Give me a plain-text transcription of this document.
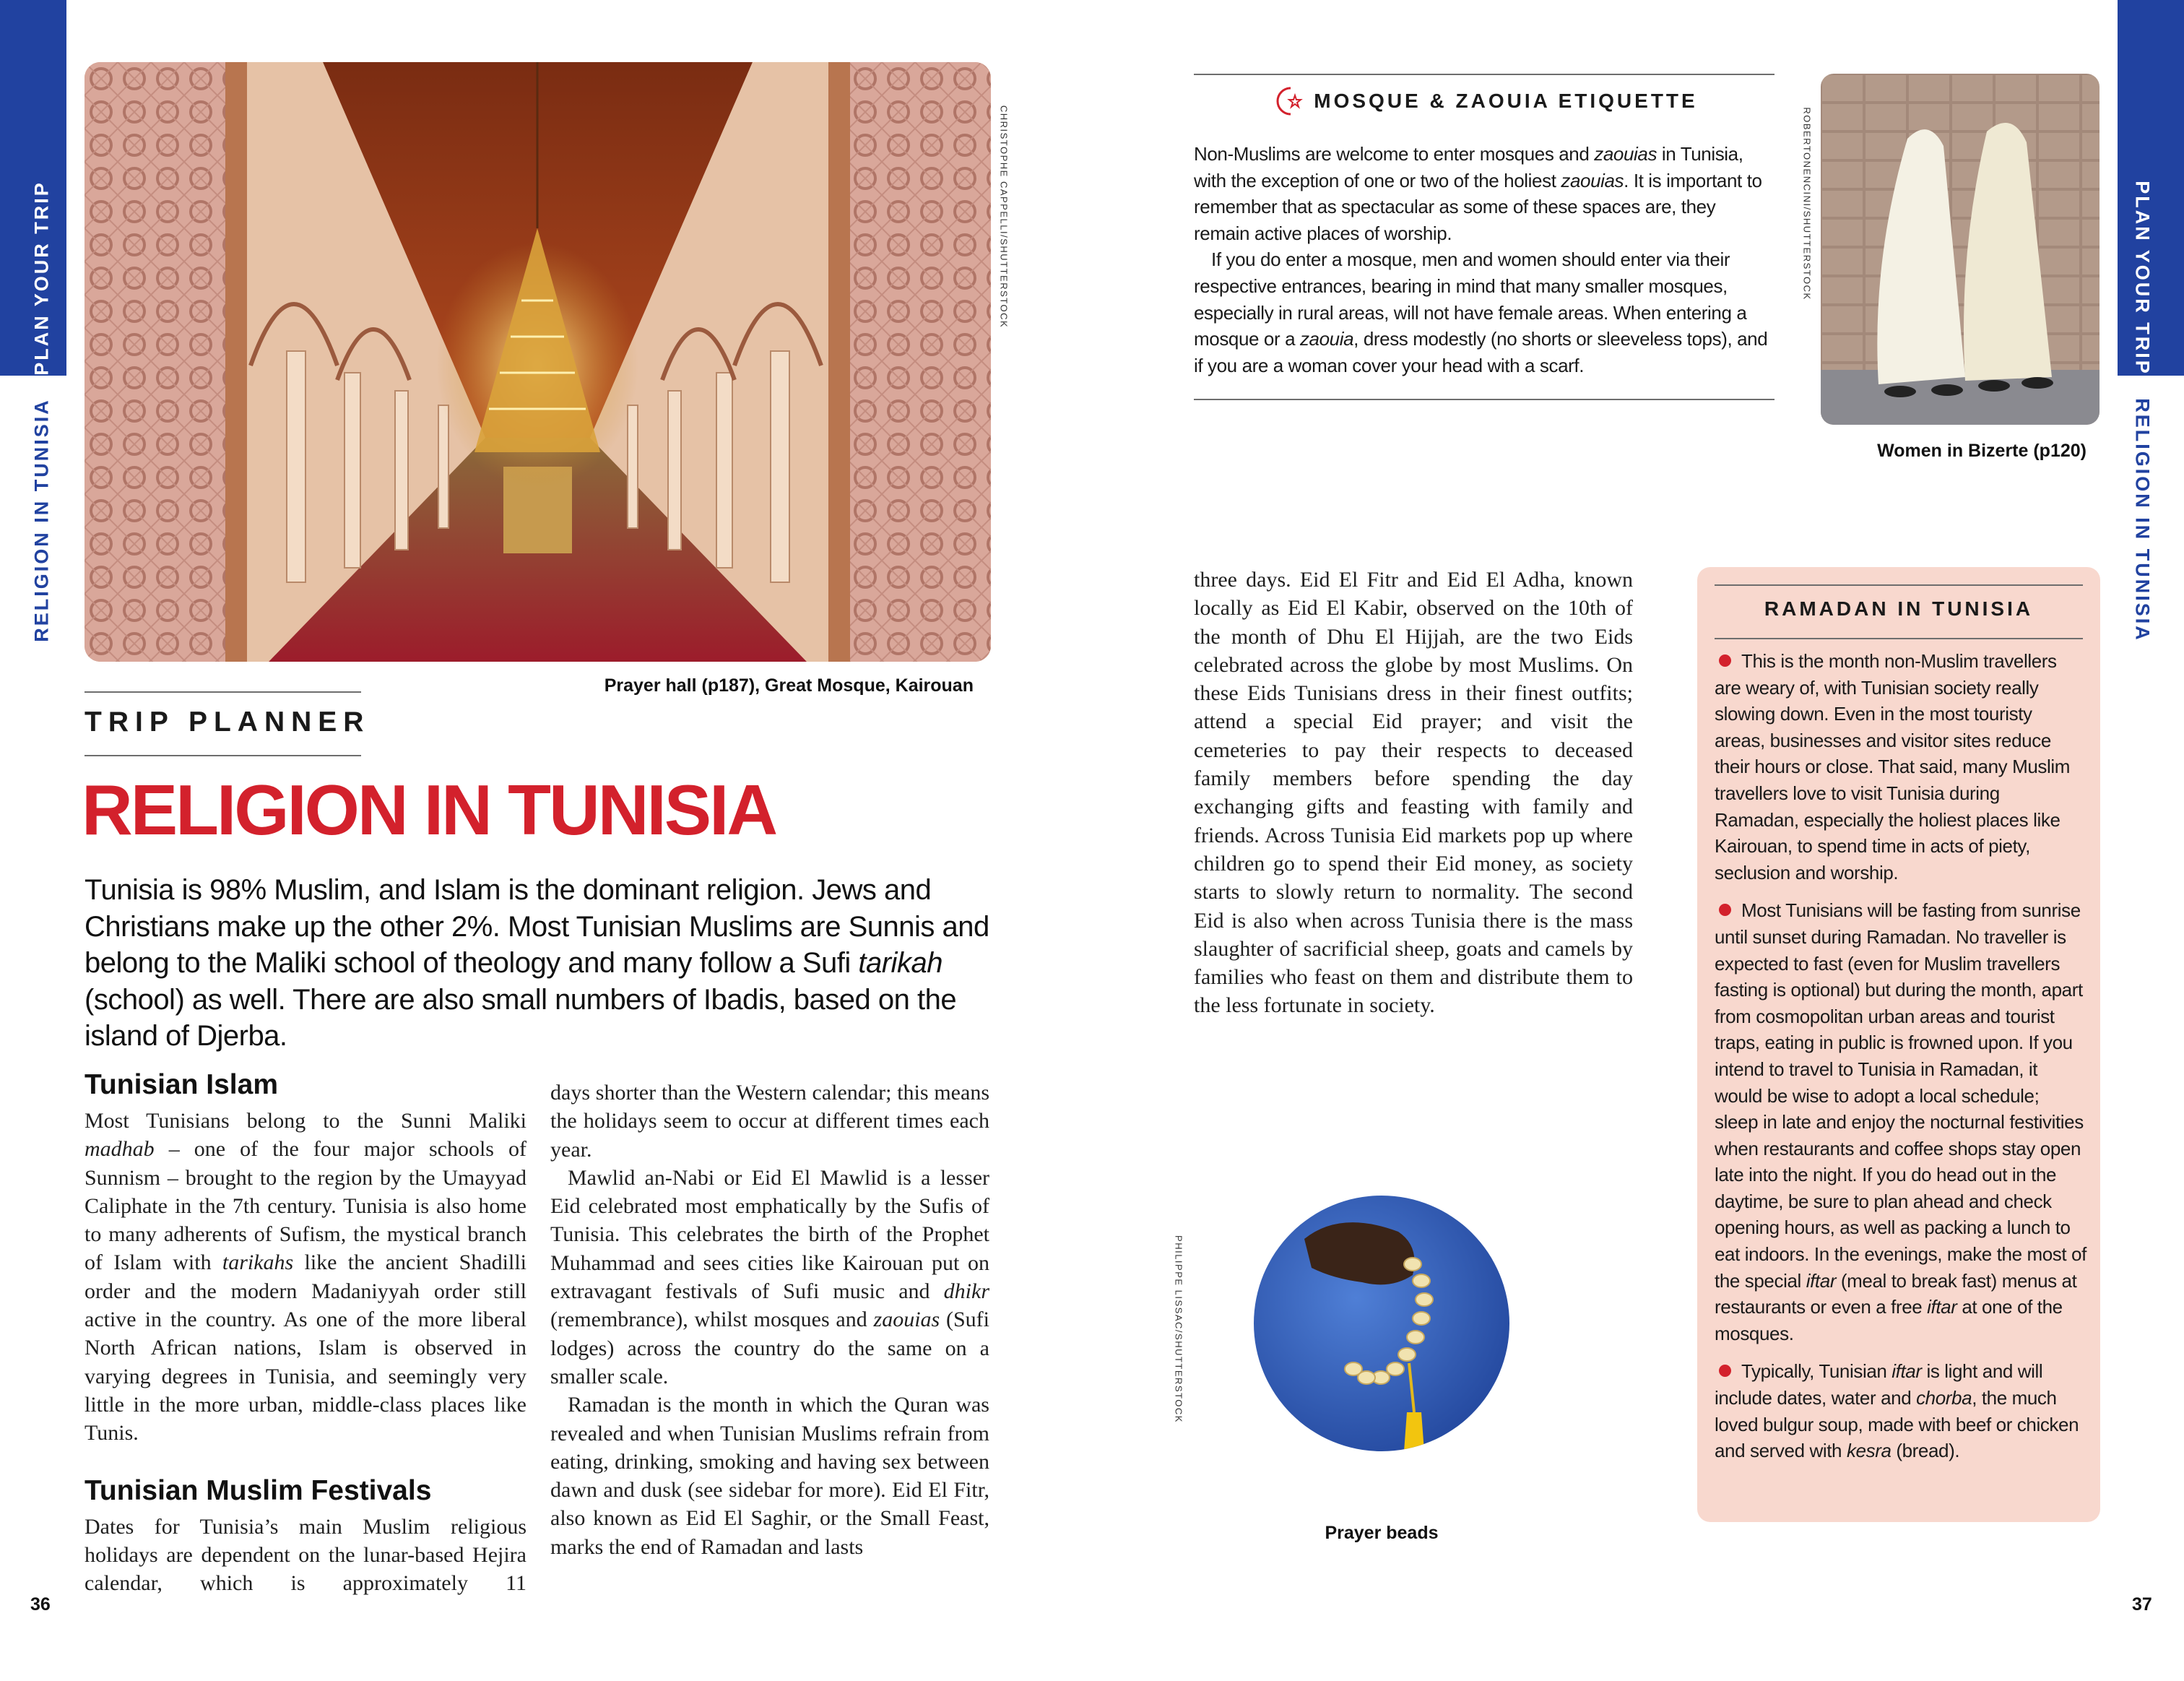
PLAN YOUR TRIP
RELIGION IN TUNISIA
CHRISTOPHE CAPPELLI/SHUTTERSTOCK
Prayer hall (p187), Great Mosque, Kairouan
TRIP PLANNER
RELIGION IN TUNISIA
Tunisia is 98% Muslim, and Islam is the dominant religion. Jews and Christians make up the other 2%. Most Tunisian Muslims are Sunnis and belong to the Maliki school of theology and many follow a Sufi tarikah (school) as well. There are also small numbers of Ibadis, based on the island of Djerba.
Tunisian Islam
Most Tunisians belong to the Sunni Maliki madhab – one of the four major schools of Sunnism – brought to the region by the Umayyad Caliphate in the 7th century. Tunisia is also home to many adherents of Sufism, the mystical branch of Islam with tarikahs like the ancient Shadilli order and the modern Madaniyyah order still active in the country. As one of the more liberal North African nations, Islam is observed in varying degrees in Tunisia, and seemingly very little in the more urban, middle-class places like Tunis.
Tunisian Muslim Festivals
Dates for Tunisia’s main Muslim religious holidays are dependent on the lunar-based Hejira calendar, which is approximately 11

days shorter than the Western calendar; this means the holidays seem to occur at different times each year.

Mawlid an-Nabi or Eid El Mawlid is a lesser Eid celebrated most emphatically by the Sufis of Tunisia. This celebrates the birth of the Prophet Muhammad and sees cities like Kairouan put on extravagant festivals of Sufi music and dhikr (remembrance), whilst mosques and zaouias (Sufi lodges) across the country do the same on a smaller scale.

Ramadan is the month in which the Quran was revealed and when Tunisian Muslims refrain from eating, drinking, smoking and having sex between dawn and dusk (see sidebar for more). Eid El Fitr, also known as Eid El Saghir, or the Small Feast, marks the end of Ramadan and lasts

36
PLAN YOUR TRIP
RELIGION IN TUNISIA
MOSQUE & ZAOUIA ETIQUETTE

Non-Muslims are welcome to enter mosques and zaouias in Tunisia, with the exception of one or two of the holiest zaouias. It is important to remember that as spectacular as some of these spaces are, they remain active places of worship.

If you do enter a mosque, men and women should enter via their respective entrances, bearing in mind that many smaller mosques, especially in rural areas, will not have female areas. When entering a mosque or a zaouia, dress modestly (no shorts or sleeveless tops), and if you are a woman cover your head with a scarf.

ROBERTONENCINI/SHUTTERSTOCK
Women in Bizerte (p120)
three days. Eid El Fitr and Eid El Adha, known locally as Eid El Kabir, observed on the 10th of the month of Dhu El Hijjah, are the two Eids celebrated across the globe by most Muslims. On these Eids Tunisians dress in their finest outfits; attend a special Eid prayer; and visit the cemeteries to pay their respects to deceased family members before spending the day exchanging gifts and feasting with family and friends. Across Tunisia Eid markets pop up where children go to spend their Eid money, as society starts to slowly return to normality. The second Eid is also when across Tunisia there is the mass slaughter of sacrificial sheep, goats and camels by families who feast on them and distribute them to the less fortunate in society.
PHILIPPE LISSAC/SHUTTERSTOCK
Prayer beads
RAMADAN IN TUNISIA
This is the month non-Muslim travellers are weary of, with Tunisian society really slowing down. Even in the most touristy areas, businesses and visitor sites reduce their hours or close. That said, many Muslim travellers love to visit Tunisia during Ramadan, especially the holiest places like Kairouan, to spend time in acts of piety, seclusion and worship.
Most Tunisians will be fasting from sunrise until sunset during Ramadan. No traveller is expected to fast (even for Muslim travellers fasting is optional) but during the month, apart from cosmopolitan urban areas and tourist traps, eating in public is frowned upon. If you intend to travel to Tunisia in Ramadan, it would be wise to adopt a local schedule; sleep in late and enjoy the nocturnal festivities when restaurants and coffee shops stay open late into the night. If you do head out in the daytime, be sure to plan ahead and check opening hours, as well as packing a lunch to eat indoors. In the evenings, make the most of the special iftar (meal to break fast) menus at restaurants or even a free iftar at one of the mosques.
Typically, Tunisian iftar is light and will include dates, water and chorba, the much loved bulgur soup, made with beef or chicken and served with kesra (bread).
37
